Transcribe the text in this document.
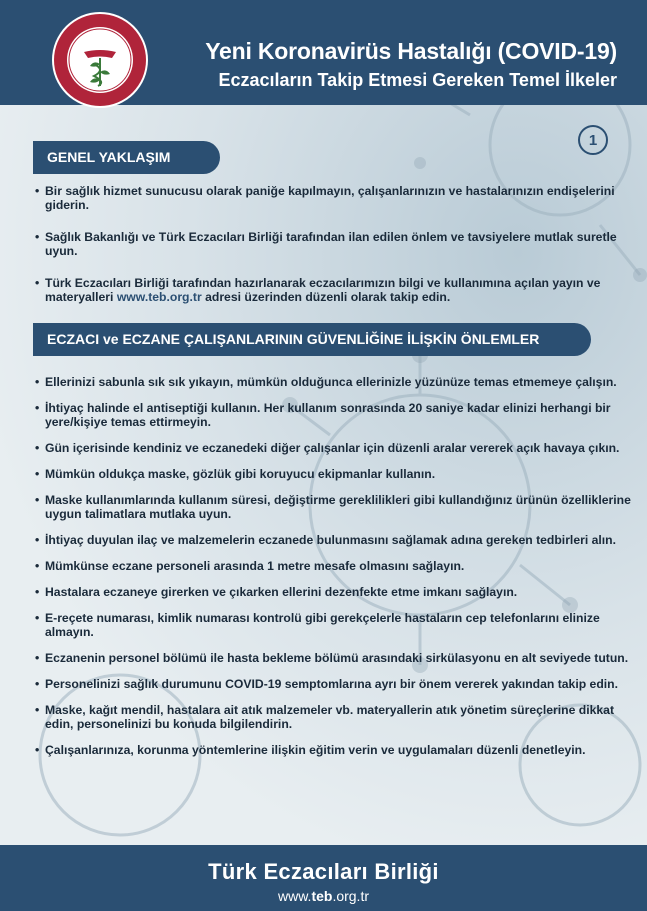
Yeni Koronavirüs Hastalığı (COVID-19)
Eczacıların Takip Etmesi Gereken Temel İlkeler
1
GENEL YAKLAŞIM
• Bir sağlık hizmet sunucusu olarak paniğe kapılmayın, çalışanlarınızın ve hastalarınızın endişelerini giderin.
• Sağlık Bakanlığı ve Türk Eczacıları Birliği tarafından ilan edilen önlem ve tavsiyelere mutlak suretle uyun.
• Türk Eczacıları Birliği tarafından hazırlanarak eczacılarımızın bilgi ve kullanımına açılan yayın ve materyalleri www.teb.org.tr adresi üzerinden düzenli olarak takip edin.
ECZACI ve ECZANE ÇALIŞANLARININ GÜVENLİĞİNE İLİŞKİN ÖNLEMLER
• Ellerinizi sabunla sık sık yıkayın, mümkün olduğunca ellerinizle yüzünüze temas etmemeye çalışın.
• İhtiyaç halinde el antiseptiği kullanın. Her kullanım sonrasında 20 saniye kadar elinizi herhangi bir yere/kişiye temas ettirmeyin.
• Gün içerisinde kendiniz ve eczanedeki diğer çalışanlar için düzenli aralar vererek açık havaya çıkın.
• Mümkün oldukça maske, gözlük gibi koruyucu ekipmanlar kullanın.
• Maske kullanımlarında kullanım süresi, değiştirme gereklilikleri gibi kullandığınız ürünün özelliklerine uygun talimatlara mutlaka uyun.
• İhtiyaç duyulan ilaç ve malzemelerin eczanede bulunmasını sağlamak adına gereken tedbirleri alın.
• Mümkünse eczane personeli arasında 1 metre mesafe olmasını sağlayın.
• Hastalara eczaneye girerken ve çıkarken ellerini dezenfekte etme imkanı sağlayın.
• E-reçete numarası, kimlik numarası kontrolü gibi gerekçelerle hastaların cep telefonlarını elinize almayın.
• Eczanenin personel bölümü ile hasta bekleme bölümü arasındaki sirkülasyonu en alt seviyede tutun.
• Personelinizi sağlık durumunu COVID-19 semptomlarına ayrı bir önem vererek yakından takip edin.
• Maske, kağıt mendil, hastalara ait atık malzemeler vb. materyallerin atık yönetim süreçlerine dikkat edin, personelinizi bu konuda bilgilendirin.
• Çalışanlarınıza, korunma yöntemlerine ilişkin eğitim verin ve uygulamaları düzenli denetleyin.
Türk Eczacıları Birliği
www.teb.org.tr
